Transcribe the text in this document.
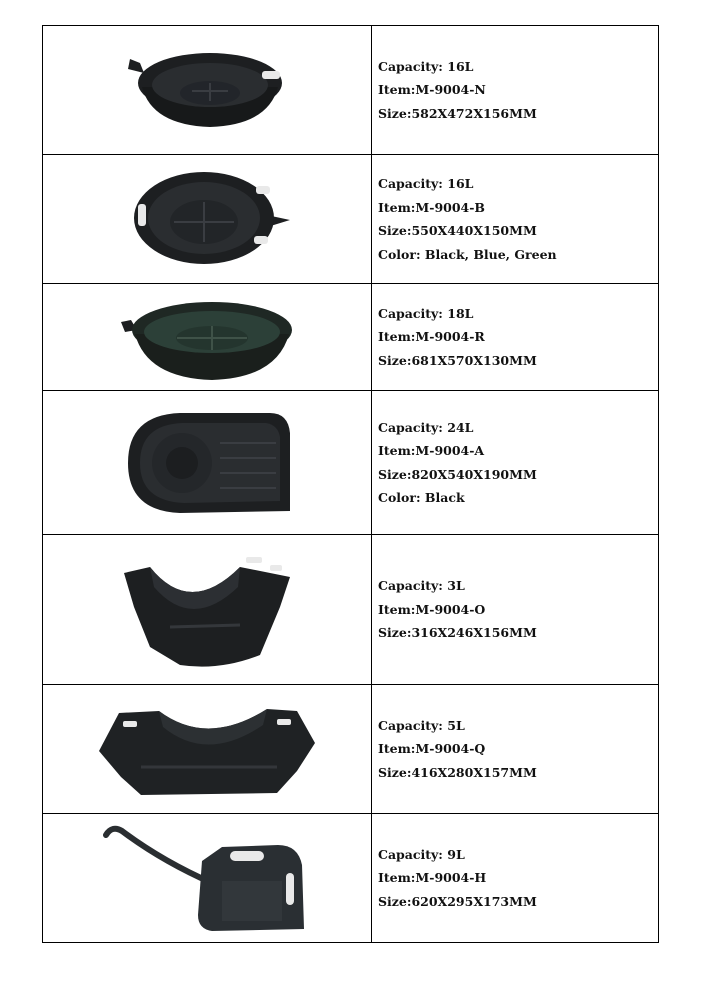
Capacity: 16L
Item:M-9004-N
Size:582X472X156MM
Capacity: 16L
Item:M-9004-B
Size:550X440X150MM
Color: Black, Blue, Green
Capacity: 18L
Item:M-9004-R
Size:681X570X130MM
Capacity: 24L
Item:M-9004-A
Size:820X540X190MM
Color: Black
Capacity: 3L
Item:M-9004-O
Size:316X246X156MM
Capacity: 5L
Item:M-9004-Q
Size:416X280X157MM
Capacity: 9L
Item:M-9004-H
Size:620X295X173MM
